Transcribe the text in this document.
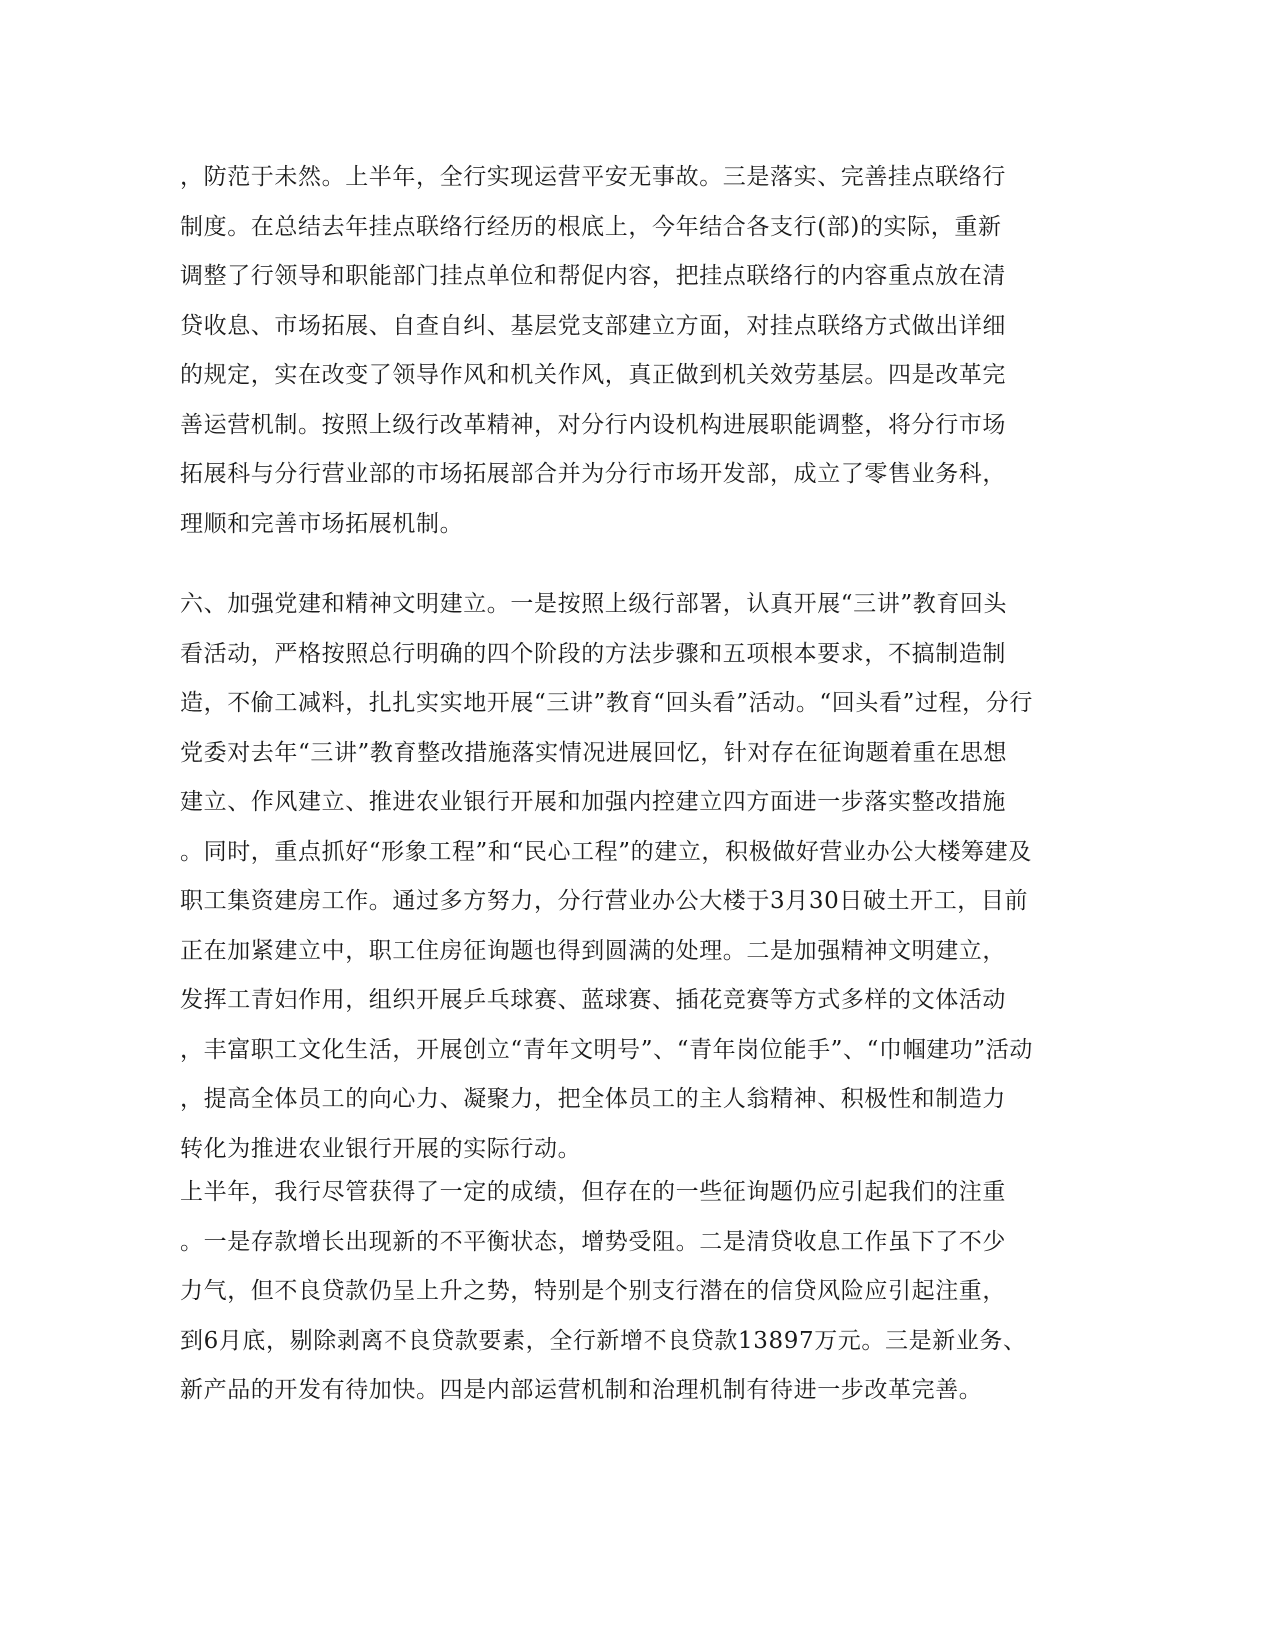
，防范于未然。上半年，全行实现运营平安无事故。三是落实、完善挂点联络行
制度。在总结去年挂点联络行经历的根底上，今年结合各支行(部)的实际，重新
调整了行领导和职能部门挂点单位和帮促内容，把挂点联络行的内容重点放在清
贷收息、市场拓展、自查自纠、基层党支部建立方面，对挂点联络方式做出详细
的规定，实在改变了领导作风和机关作风，真正做到机关效劳基层。四是改革完
善运营机制。按照上级行改革精神，对分行内设机构进展职能调整，将分行市场
拓展科与分行营业部的市场拓展部合并为分行市场开发部，成立了零售业务科，
理顺和完善市场拓展机制。
六、加强党建和精神文明建立。一是按照上级行部署，认真开展“三讲”教育回头
看活动，严格按照总行明确的四个阶段的方法步骤和五项根本要求，不搞制造制
造，不偷工减料，扎扎实实地开展“三讲”教育“回头看”活动。“回头看”过程，分行
党委对去年“三讲”教育整改措施落实情况进展回忆，针对存在征询题着重在思想
建立、作风建立、推进农业银行开展和加强内控建立四方面进一步落实整改措施
。同时，重点抓好“形象工程”和“民心工程”的建立，积极做好营业办公大楼筹建及
职工集资建房工作。通过多方努力，分行营业办公大楼于3月30日破土开工，目前
正在加紧建立中，职工住房征询题也得到圆满的处理。二是加强精神文明建立，
发挥工青妇作用，组织开展乒乓球赛、蓝球赛、插花竞赛等方式多样的文体活动
，丰富职工文化生活，开展创立“青年文明号”、“青年岗位能手”、“巾帼建功”活动
，提高全体员工的向心力、凝聚力，把全体员工的主人翁精神、积极性和制造力
转化为推进农业银行开展的实际行动。
上半年，我行尽管获得了一定的成绩，但存在的一些征询题仍应引起我们的注重
。一是存款增长出现新的不平衡状态，增势受阻。二是清贷收息工作虽下了不少
力气，但不良贷款仍呈上升之势，特别是个别支行潜在的信贷风险应引起注重，
到6月底，剔除剥离不良贷款要素，全行新增不良贷款13897万元。三是新业务、
新产品的开发有待加快。四是内部运营机制和治理机制有待进一步改革完善。
